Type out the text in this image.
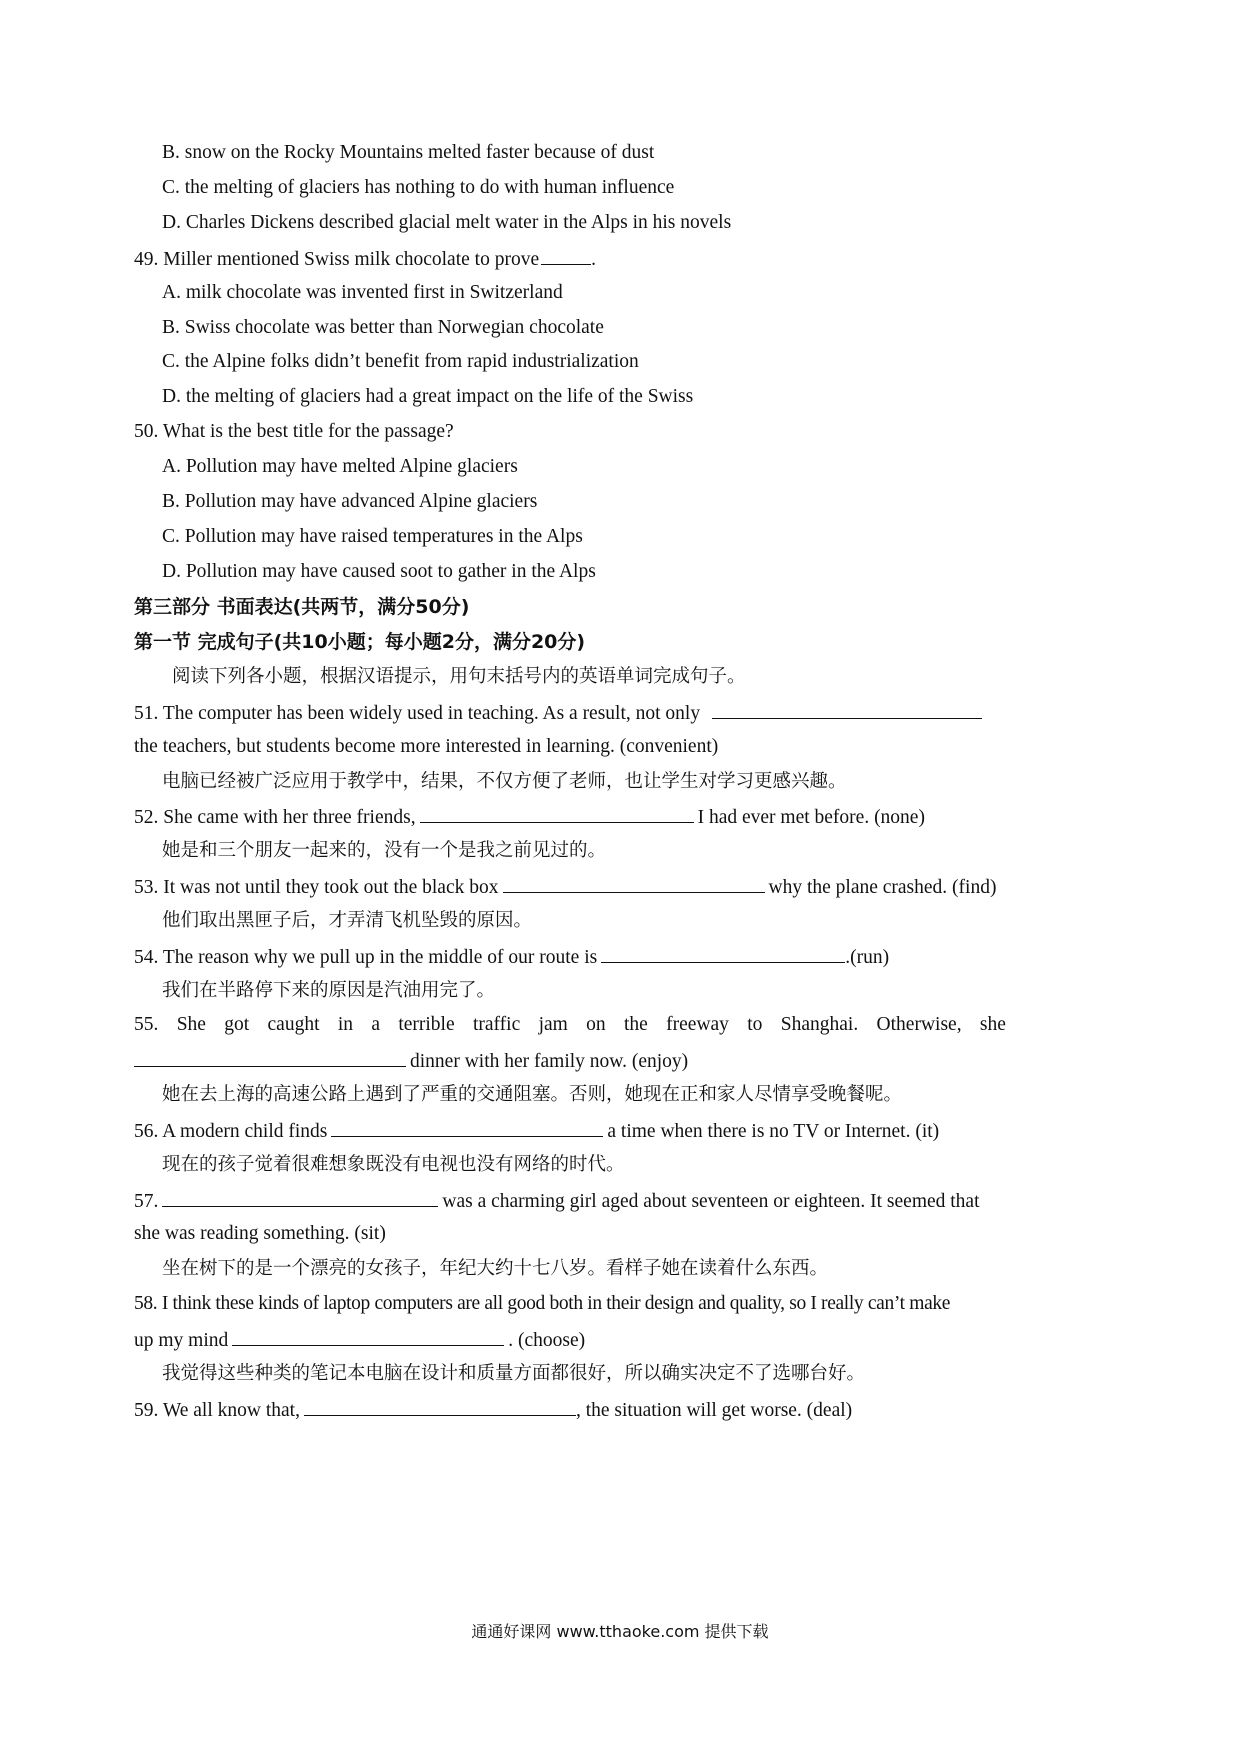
B. snow on the Rocky Mountains melted faster because of dust
C. the melting of glaciers has nothing to do with human influence
D. Charles Dickens described glacial melt water in the Alps in his novels
49. Miller mentioned Swiss milk chocolate to prove	.
A. milk chocolate was invented first in Switzerland
B. Swiss chocolate was better than Norwegian chocolate
C. the Alpine folks didn’t benefit from rapid industrialization
D. the melting of glaciers had a great impact on the life of the Swiss
50. What is the best title for the passage?
A. Pollution may have melted Alpine glaciers
B. Pollution may have advanced Alpine glaciers
C. Pollution may have raised temperatures in the Alps
D. Pollution may have caused soot to gather in the Alps
第三部分 书面表达(共两节，满分50分)
第一节 完成句子(共10小题；每小题2分，满分20分)
阅读下列各小题，根据汉语提示，用句末括号内的英语单词完成句子。
51. The computer has been widely used in teaching. As a result, not only
the teachers, but students become more interested in learning. (convenient)
电脑已经被广泛应用于教学中，结果，不仅方便了老师，也让学生对学习更感兴趣。
52. She came with her three friends,	I had ever met before. (none)
她是和三个朋友一起来的，没有一个是我之前见过的。
53. It was not until they took out the black box	why the plane crashed. (find)
他们取出黑匣子后，才弄清飞机坠毁的原因。
54. The reason why we pull up in the middle of our route is	.(run)
我们在半路停下来的原因是汽油用完了。
55. She got caught in a terrible traffic jam on the freeway to Shanghai. Otherwise, she
dinner with her family now. (enjoy)
她在去上海的高速公路上遇到了严重的交通阻塞。否则，她现在正和家人尽情享受晚餐呢。
56. A modern child finds	a time when there is no TV or Internet. (it)
现在的孩子觉着很难想象既没有电视也没有网络的时代。
57.	was a charming girl aged about seventeen or eighteen. It seemed that
she was reading something. (sit)
坐在树下的是一个漂亮的女孩子，年纪大约十七八岁。看样子她在读着什么东西。
58. I think these kinds of laptop computers are all good both in their design and quality, so I really can’t make
up my mind	. (choose)
我觉得这些种类的笔记本电脑在设计和质量方面都很好，所以确实决定不了选哪台好。
59. We all know that,	, the situation will get worse. (deal)
通通好课网 www.tthaoke.com 提供下载
